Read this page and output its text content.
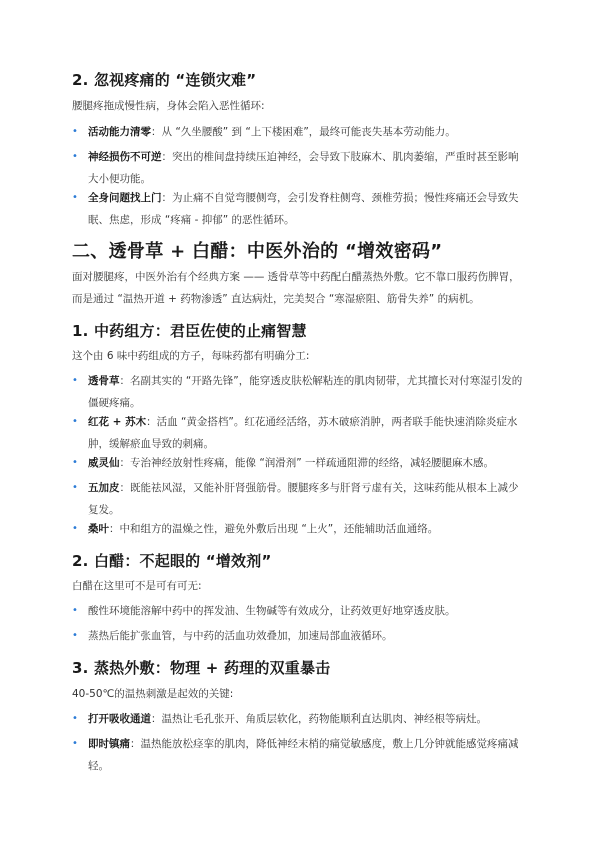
2. 忽视疼痛的 “连锁灾难”

腰腿疼拖成慢性病，身体会陷入恶性循环:

• 活动能力清零：从 “久坐腰酸” 到 “上下楼困难”，最终可能丧失基本劳动能力。
• 神经损伤不可逆：突出的椎间盘持续压迫神经，会导致下肢麻木、肌肉萎缩，严重时甚至影响大小便功能。
• 全身问题找上门：为止痛不自觉弯腰侧弯，会引发脊柱侧弯、颈椎劳损；慢性疼痛还会导致失眠、焦虑，形成 “疼痛 - 抑郁” 的恶性循环。
二、透骨草 + 白醋：中医外治的 “增效密码”

面对腰腿疼，中医外治有个经典方案 —— 透骨草等中药配白醋蒸热外敷。它不靠口服药伤脾胃，而是通过 “温热开道 + 药物渗透” 直达病灶，完美契合 “寒湿瘀阻、筋骨失养” 的病机。

1. 中药组方：君臣佐使的止痛智慧

这个由 6 味中药组成的方子，每味药都有明确分工:

• 透骨草：名副其实的 “开路先锋”，能穿透皮肤松解粘连的肌肉韧带，尤其擅长对付寒湿引发的僵硬疼痛。
• 红花 + 苏木：活血 “黄金搭档”。红花通经活络，苏木破瘀消肿，两者联手能快速消除炎症水肿，缓解瘀血导致的刺痛。
• 威灵仙：专治神经放射性疼痛，能像 “润滑剂” 一样疏通阻滞的经络，减轻腰腿麻木感。
• 五加皮：既能祛风湿，又能补肝肾强筋骨。腰腿疼多与肝肾亏虚有关，这味药能从根本上减少复发。
• 桑叶：中和组方的温燥之性，避免外敷后出现 “上火”，还能辅助活血通络。
2. 白醋：不起眼的 “增效剂”

白醋在这里可不是可有可无:

• 酸性环境能溶解中药中的挥发油、生物碱等有效成分，让药效更好地穿透皮肤。
• 蒸热后能扩张血管，与中药的活血功效叠加，加速局部血液循环。
3. 蒸热外敷：物理 + 药理的双重暴击

40-50℃的温热刺激是起效的关键:

• 打开吸收通道：温热让毛孔张开、角质层软化，药物能顺利直达肌肉、神经根等病灶。
• 即时镇痛：温热能放松痉挛的肌肉，降低神经末梢的痛觉敏感度，敷上几分钟就能感觉疼痛减轻。
